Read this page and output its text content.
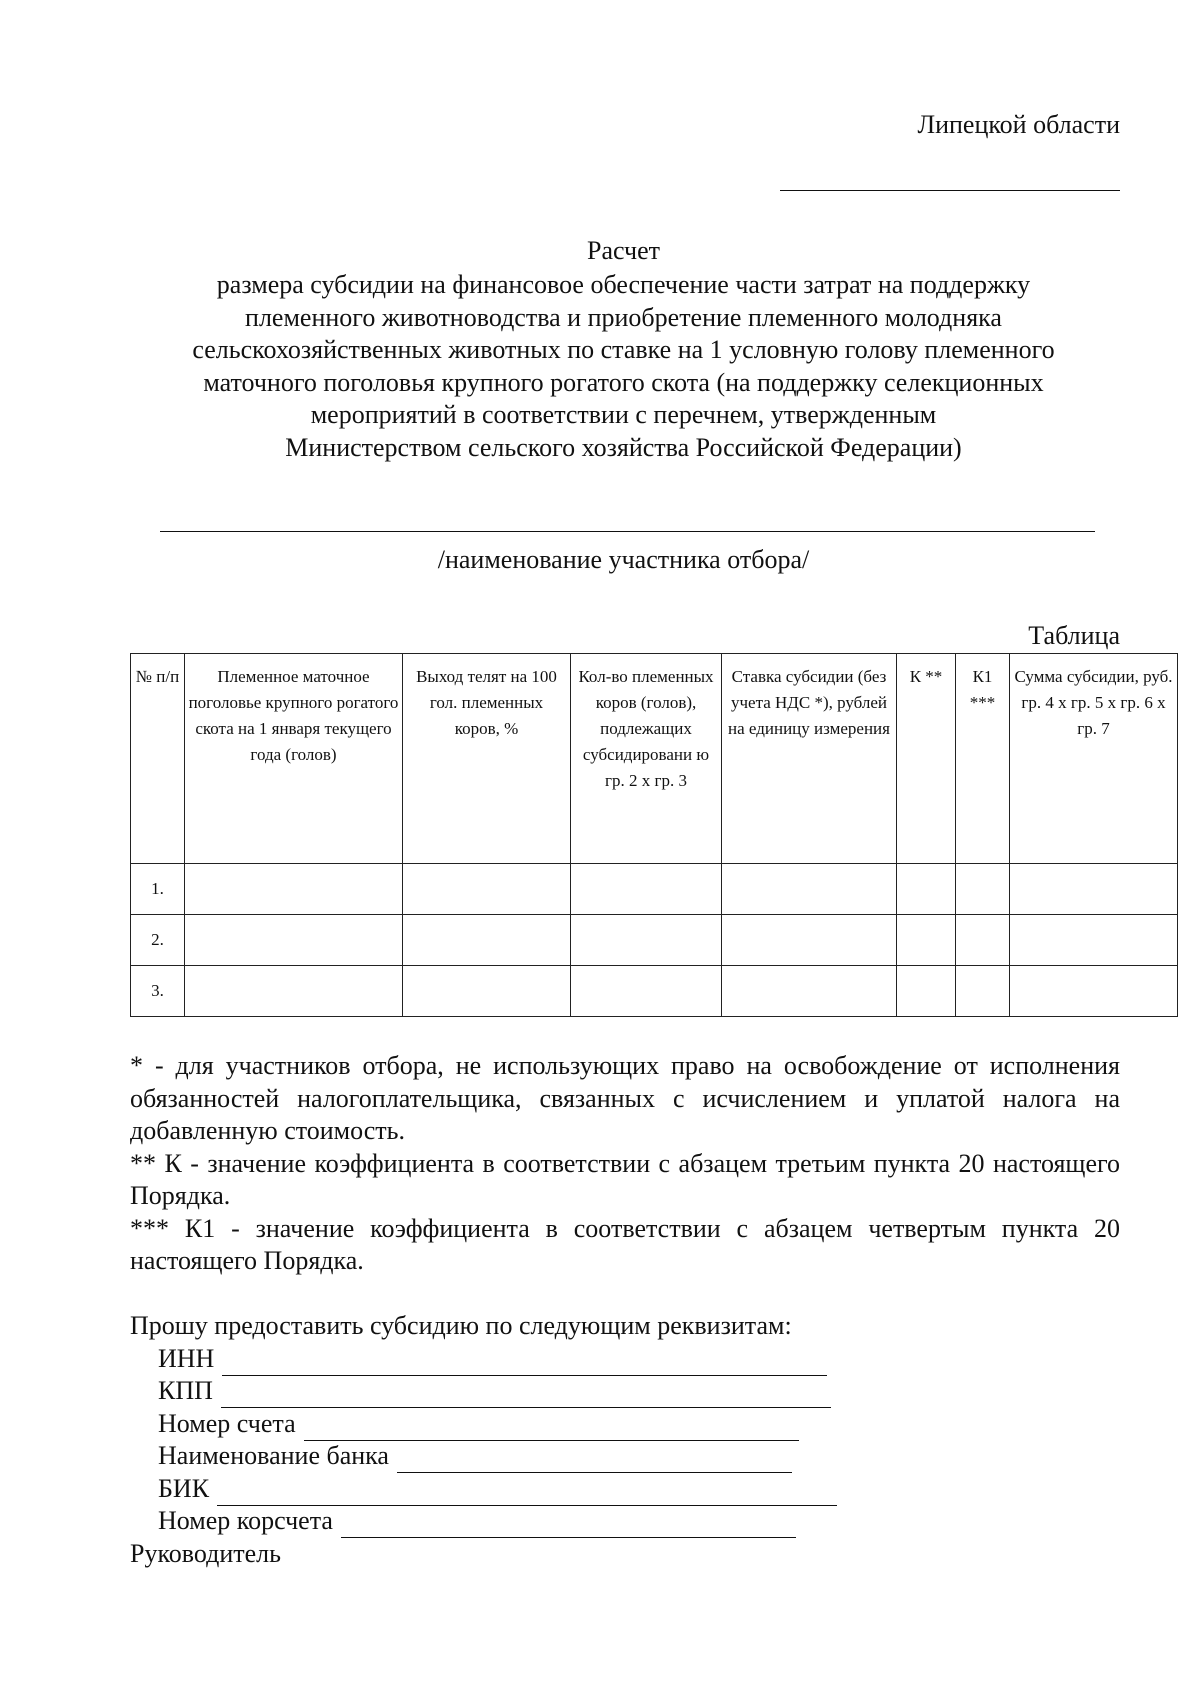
Липецкой области
Расчет
размера субсидии на финансовое обеспечение части затрат на поддержку
племенного животноводства и приобретение племенного молодняка
сельскохозяйственных животных по ставке на 1 условную голову племенного
маточного поголовья крупного рогатого скота (на поддержку селекционных
мероприятий в соответствии с перечнем, утвержденным
Министерством сельского хозяйства Российской Федерации)
/наименование участника отбора/
Таблица
№ п/п	Племенное маточное поголовье крупного рогатого скота на 1 января текущего года (голов)	Выход телят на 100 гол. племенных коров, %	Кол-во племенных коров (голов), подлежащих субсидировани ю гр. 2 х гр. 3	Ставка субсидии (без учета НДС *), рублей на единицу измерения	К **	К1 ***	Сумма субсидии, руб. гр. 4 х гр. 5 х гр. 6 х гр. 7
1.							
2.							
3.							

* - для участников отбора, не использующих право на освобождение от исполнения обязанностей налогоплательщика, связанных с исчислением и уплатой налога на добавленную стоимость.

** К - значение коэффициента в соответствии с абзацем третьим пункта 20 настоящего Порядка.

*** К1 - значение коэффициента в соответствии с абзацем четвертым пункта 20 настоящего Порядка.

Прошу предоставить субсидию по следующим реквизитам:
ИНН
КПП
Номер счета
Наименование банка
БИК
Номер корсчета
Руководитель
